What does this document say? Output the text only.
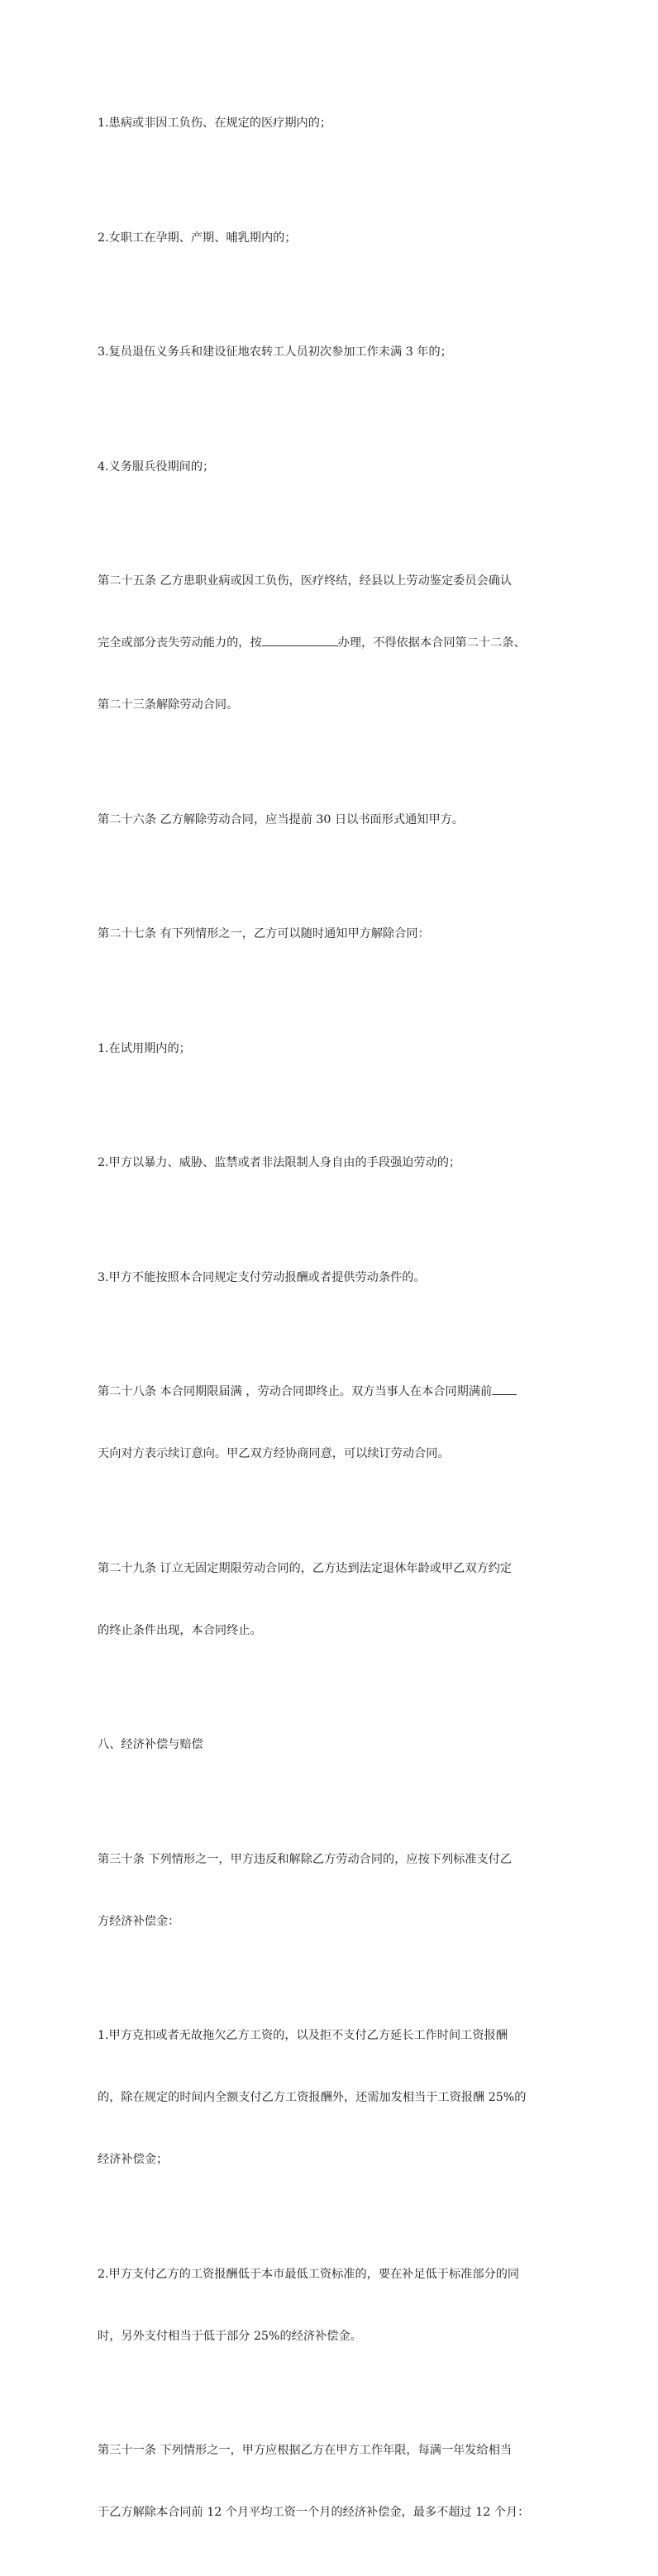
1.患病或非因工负伤、在规定的医疗期内的；

2.女职工在孕期、产期、哺乳期内的；

3.复员退伍义务兵和建设征地农转工人员初次参加工作未满 3 年的；

4.义务服兵役期间的；

第二十五条 乙方患职业病或因工负伤，医疗终结，经县以上劳动鉴定委员会确认

完全或部分丧失劳动能力的，按	办理，不得依据本合同第二十二条、

第二十三条解除劳动合同。

第二十六条 乙方解除劳动合同，应当提前 30 日以书面形式通知甲方。

第二十七条 有下列情形之一，乙方可以随时通知甲方解除合同：

1.在试用期内的；

2.甲方以暴力、威胁、监禁或者非法限制人身自由的手段强迫劳动的；

3.甲方不能按照本合同规定支付劳动报酬或者提供劳动条件的。

第二十八条 本合同期限届满 ，劳动合同即终止。双方当事人在本合同期满前

天向对方表示续订意向。甲乙双方经协商同意，可以续订劳动合同。

第二十九条 订立无固定期限劳动合同的，乙方达到法定退休年龄或甲乙双方约定

的终止条件出现，本合同终止。

八、经济补偿与赔偿

第三十条 下列情形之一，甲方违反和解除乙方劳动合同的，应按下列标准支付乙

方经济补偿金：

1.甲方克扣或者无故拖欠乙方工资的，以及拒不支付乙方延长工作时间工资报酬

的，除在规定的时间内全额支付乙方工资报酬外，还需加发相当于工资报酬 25%的

经济补偿金；

2.甲方支付乙方的工资报酬低于本市最低工资标准的，要在补足低于标准部分的同

时，另外支付相当于低于部分 25%的经济补偿金。

第三十一条 下列情形之一，甲方应根据乙方在甲方工作年限，每满一年发给相当

于乙方解除本合同前 12 个月平均工资一个月的经济补偿金，最多不超过 12 个月：
